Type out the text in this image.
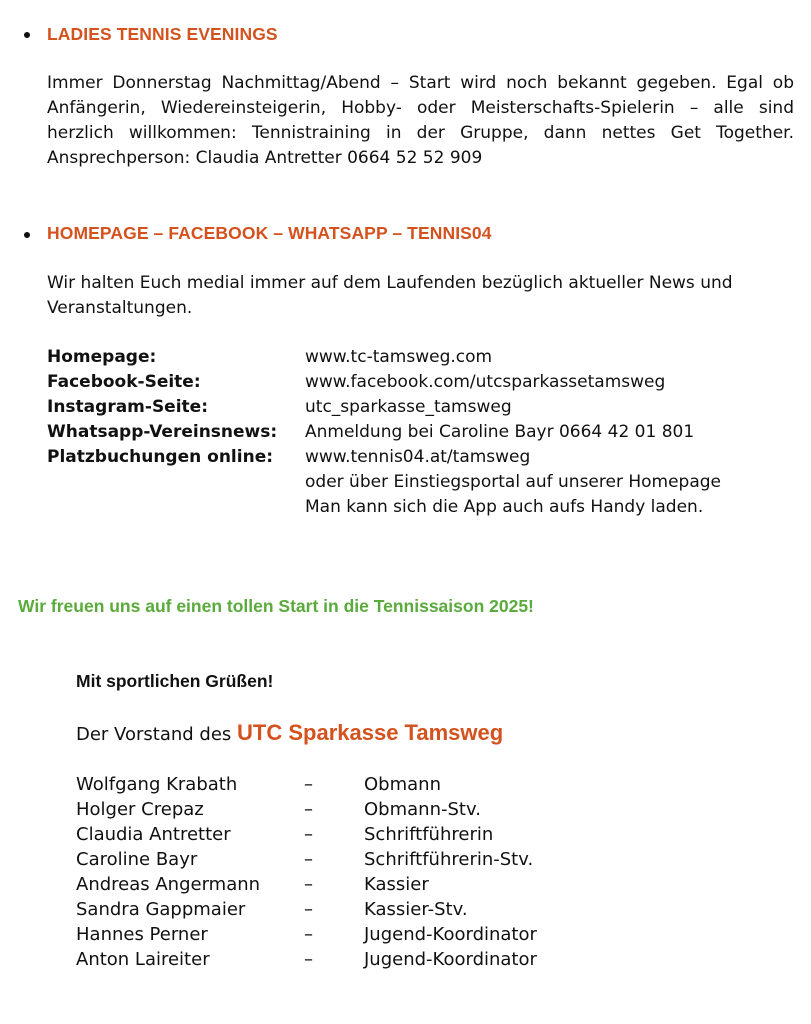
LADIES TENNIS EVENINGS
Immer Donnerstag Nachmittag/Abend – Start wird noch bekannt gegeben. Egal ob Anfängerin, Wiedereinsteigerin, Hobby- oder Meisterschafts-Spielerin – alle sind herzlich willkommen: Tennistraining in der Gruppe, dann nettes Get Together. Ansprechperson: Claudia Antretter 0664 52 52 909
HOMEPAGE – FACEBOOK – WHATSAPP – TENNIS04
Wir halten Euch medial immer auf dem Laufenden bezüglich aktueller News und Veranstaltungen.
Homepage:	www.tc-tamsweg.com
Facebook-Seite:	www.facebook.com/utcsparkassetamsweg
Instagram-Seite:	utc_sparkasse_tamsweg
Whatsapp-Vereinsnews: Anmeldung bei Caroline Bayr 0664 42 01 801
Platzbuchungen online: www.tennis04.at/tamsweg
oder über Einstiegsportal auf unserer Homepage
Man kann sich die App auch aufs Handy laden.
Wir freuen uns auf einen tollen Start in die Tennissaison 2025!
Mit sportlichen Grüßen!
Der Vorstand des UTC Sparkasse Tamsweg
Wolfgang Krabath	–	Obmann
Holger Crepaz	–	Obmann-Stv.
Claudia Antretter	–	Schriftführerin
Caroline Bayr	–	Schriftführerin-Stv.
Andreas Angermann –	Kassier
Sandra Gappmaier	–	Kassier-Stv.
Hannes Perner	–	Jugend-Koordinator
Anton Laireiter	–	Jugend-Koordinator
